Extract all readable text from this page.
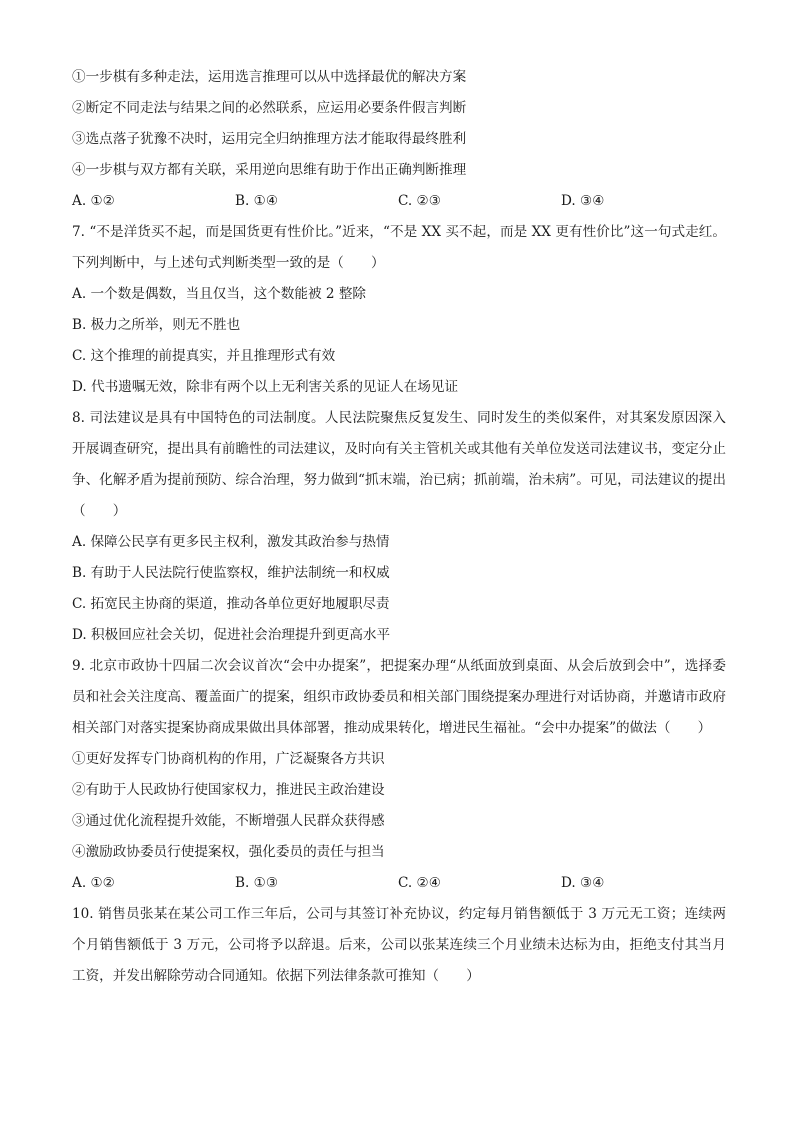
①一步棋有多种走法，运用选言推理可以从中选择最优的解决方案
②断定不同走法与结果之间的必然联系，应运用必要条件假言判断
③选点落子犹豫不决时，运用完全归纳推理方法才能取得最终胜利
④一步棋与双方都有关联，采用逆向思维有助于作出正确判断推理
A. ①②	B. ①④	C. ②③	D. ③④
7. “不是洋货买不起，而是国货更有性价比。”近来，“不是 XX 买不起，而是 XX 更有性价比”这一句式走红。下列判断中，与上述句式判断类型一致的是（　　）
A. 一个数是偶数，当且仅当，这个数能被 2 整除
B. 极力之所举，则无不胜也
C. 这个推理的前提真实，并且推理形式有效
D. 代书遗嘱无效，除非有两个以上无利害关系的见证人在场见证
8. 司法建议是具有中国特色的司法制度。人民法院聚焦反复发生、同时发生的类似案件，对其案发原因深入开展调查研究，提出具有前瞻性的司法建议，及时向有关主管机关或其他有关单位发送司法建议书，变定分止争、化解矛盾为提前预防、综合治理，努力做到“抓末端，治已病；抓前端，治未病”。可见，司法建议的提出（　　）
A. 保障公民享有更多民主权利，激发其政治参与热情
B. 有助于人民法院行使监察权，维护法制统一和权威
C. 拓宽民主协商的渠道，推动各单位更好地履职尽责
D. 积极回应社会关切，促进社会治理提升到更高水平
9. 北京市政协十四届二次会议首次“会中办提案”，把提案办理“从纸面放到桌面、从会后放到会中”，选择委员和社会关注度高、覆盖面广的提案，组织市政协委员和相关部门围绕提案办理进行对话协商，并邀请市政府相关部门对落实提案协商成果做出具体部署，推动成果转化，增进民生福祉。“会中办提案”的做法（　　）
①更好发挥专门协商机构的作用，广泛凝聚各方共识
②有助于人民政协行使国家权力，推进民主政治建设
③通过优化流程提升效能，不断增强人民群众获得感
④激励政协委员行使提案权，强化委员的责任与担当
A. ①②	B. ①③	C. ②④	D. ③④
10. 销售员张某在某公司工作三年后，公司与其签订补充协议，约定每月销售额低于 3 万元无工资；连续两个月销售额低于 3 万元，公司将予以辞退。后来，公司以张某连续三个月业绩未达标为由，拒绝支付其当月工资，并发出解除劳动合同通知。依据下列法律条款可推知（　　）
